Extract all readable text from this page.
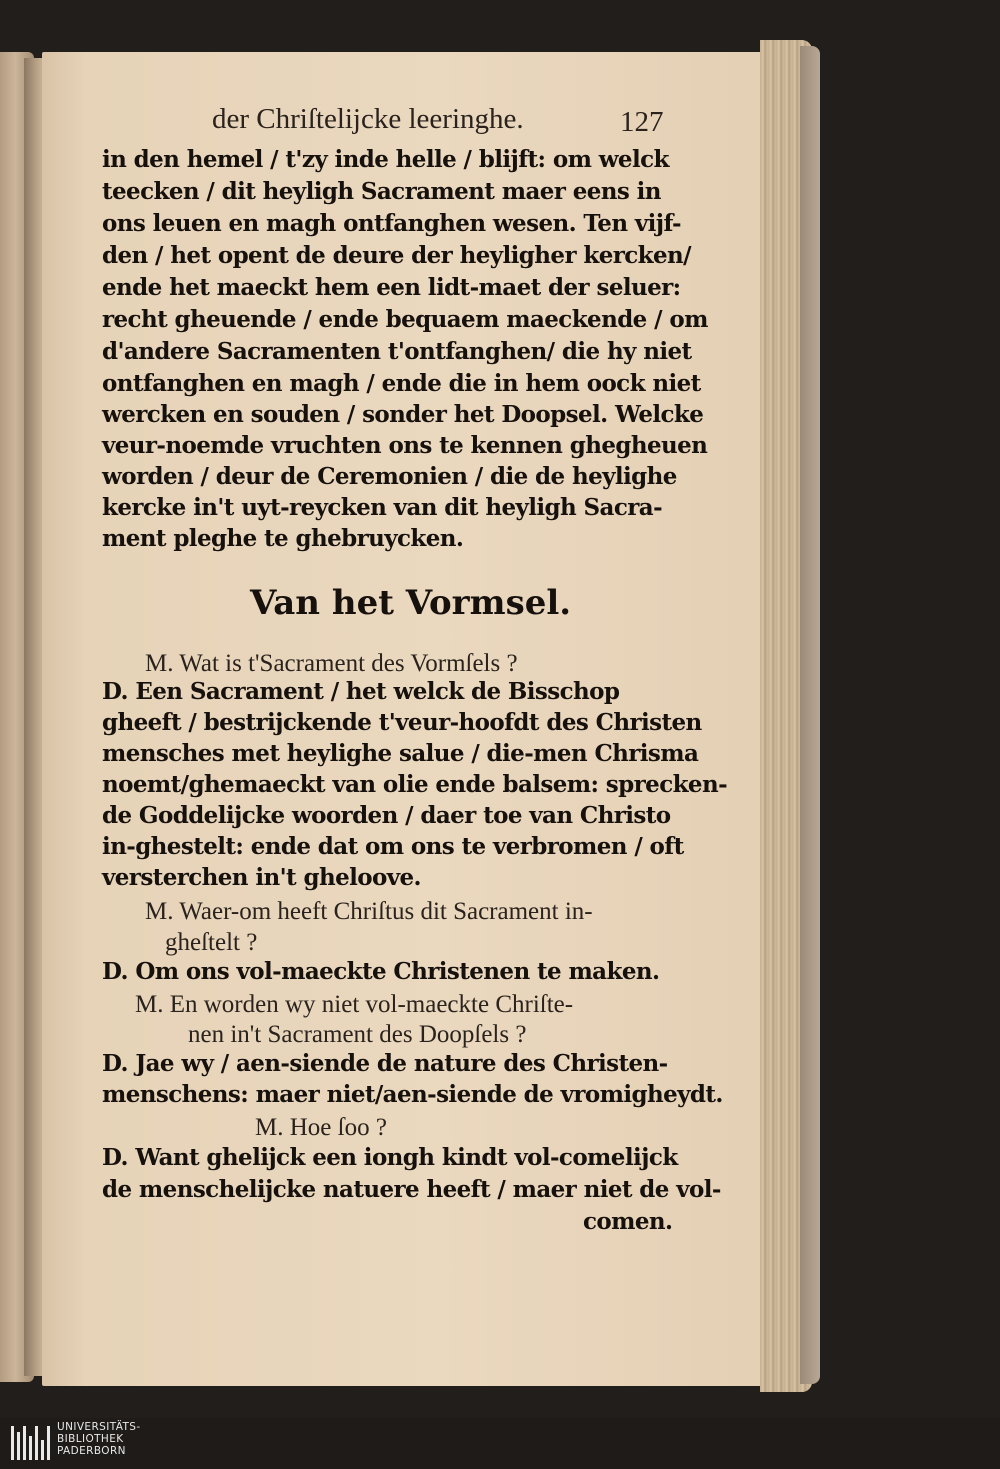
der Chriſtelijcke leeringhe.	127
in den hemel / t'zy inde helle / blijft: om welck
teecken / dit heyligh Sacrament maer eens in
ons leuen en magh ontfanghen wesen. Ten vijf-
den / het opent de deure der heyligher kercken/
ende het maeckt hem een lidt-maet der seluer:
recht gheuende / ende bequaem maeckende / om
d'andere Sacramenten t'ontfanghen/ die hy niet
ontfanghen en magh / ende die in hem oock niet
wercken en souden / sonder het Doopsel. Welcke
veur-noemde vruchten ons te kennen ghegheuen
worden / deur de Ceremonien / die de heylighe
kercke in't uyt-reycken van dit heyligh Sacra-
ment pleghe te ghebruycken.
Van het Vormsel.
M. Wat is t'Sacrament des Vormſels ?
D. Een Sacrament / het welck de Bisschop
gheeft / bestrijckende t'veur-hoofdt des Christen
mensches met heylighe salue / die-men Chrisma
noemt/ghemaeckt van olie ende balsem: sprecken-
de Goddelijcke woorden / daer toe van Christo
in-ghestelt: ende dat om ons te verbromen / oft
versterchen in't gheloove.
M. Waer-om heeft Chriſtus dit Sacrament in-
gheſtelt ?
D. Om ons vol-maeckte Christenen te maken.
M. En worden wy niet vol-maeckte Chriſte-
nen in't Sacrament des Doopſels ?
D. Jae wy / aen-siende de nature des Christen-
menschens: maer niet/aen-siende de vromigheydt.
M. Hoe ſoo ?
D. Want ghelijck een iongh kindt vol-comelijck
de menschelijcke natuere heeft / maer niet de vol-
comen.
UNIVERSITÄTS-
BIBLIOTHEK
PADERBORN
